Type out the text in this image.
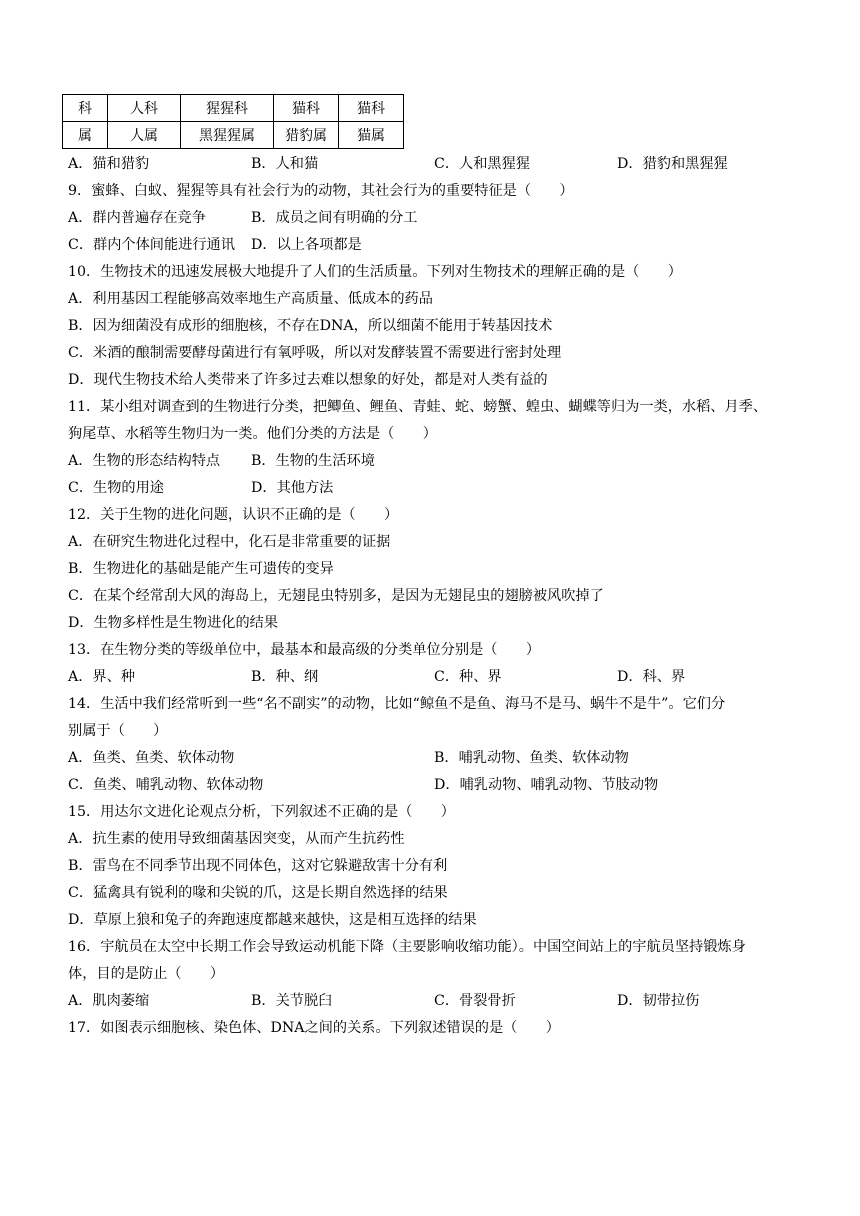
科	人科	猩猩科	猫科	猫科
属	人属	黑猩猩属	猎豹属	猫属
A．猫和猎豹	B．人和猫	C．人和黑猩猩	D．猎豹和黑猩猩
9．蜜蜂、白蚁、猩猩等具有社会行为的动物，其社会行为的重要特征是（　　）
A．群内普遍存在竞争	B．成员之间有明确的分工
C．群内个体间能进行通讯 D．以上各项都是
10．生物技术的迅速发展极大地提升了人们的生活质量。下列对生物技术的理解正确的是（　　）
A．利用基因工程能够高效率地生产高质量、低成本的药品
B．因为细菌没有成形的细胞核，不存在DNA，所以细菌不能用于转基因技术
C．米酒的酿制需要酵母菌进行有氧呼吸，所以对发酵装置不需要进行密封处理
D．现代生物技术给人类带来了许多过去难以想象的好处，都是对人类有益的
11．某小组对调查到的生物进行分类，把鲫鱼、鲤鱼、青蛙、蛇、螃蟹、蝗虫、蝴蝶等归为一类，水稻、月季、
狗尾草、水稻等生物归为一类。他们分类的方法是（　　）
A．生物的形态结构特点 B．生物的生活环境
C．生物的用途	D．其他方法
12．关于生物的进化问题，认识不正确的是（　　）
A．在研究生物进化过程中，化石是非常重要的证据
B．生物进化的基础是能产生可遗传的变异
C．在某个经常刮大风的海岛上，无翅昆虫特别多，是因为无翅昆虫的翅膀被风吹掉了
D．生物多样性是生物进化的结果
13．在生物分类的等级单位中，最基本和最高级的分类单位分别是（　　）
A．界、种	B．种、纲	C．种、界	D．科、界
14．生活中我们经常听到一些“名不副实”的动物，比如“鲸鱼不是鱼、海马不是马、蜗牛不是牛”。它们分
别属于（　　）
A．鱼类、鱼类、软体动物	B．哺乳动物、鱼类、软体动物
C．鱼类、哺乳动物、软体动物	D．哺乳动物、哺乳动物、节肢动物
15．用达尔文进化论观点分析，下列叙述不正确的是（　　）
A．抗生素的使用导致细菌基因突变，从而产生抗药性
B．雷鸟在不同季节出现不同体色，这对它躲避敌害十分有利
C．猛禽具有锐利的喙和尖锐的爪，这是长期自然选择的结果
D．草原上狼和兔子的奔跑速度都越来越快，这是相互选择的结果
16．宇航员在太空中长期工作会导致运动机能下降（主要影响收缩功能）。中国空间站上的宇航员坚持锻炼身
体，目的是防止（　　）
A．肌肉萎缩	B．关节脱臼	C．骨裂骨折	D．韧带拉伤
17．如图表示细胞核、染色体、DNA之间的关系。下列叙述错误的是（　　）
